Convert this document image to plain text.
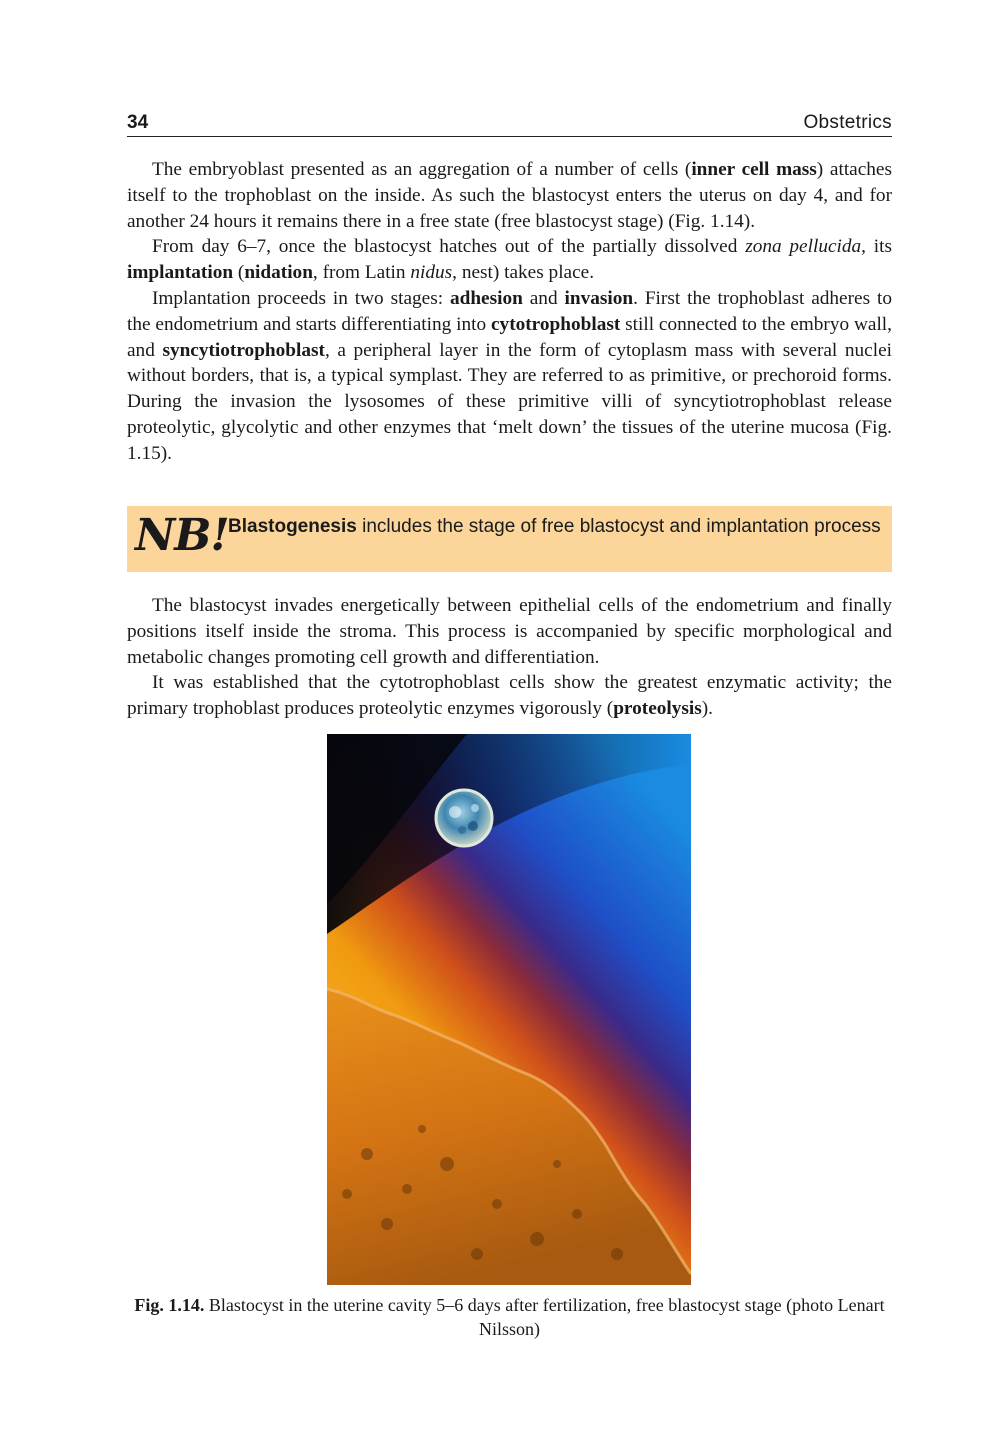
34	Obstetrics

The embryoblast presented as an aggregation of a number of cells (inner cell mass) attaches itself to the trophoblast on the inside. As such the blastocyst enters the uterus on day 4, and for another 24 hours it remains there in a free state (free blastocyst stage) (Fig. 1.14).

From day 6–7, once the blastocyst hatches out of the partially dissolved zona pellucida, its implantation (nidation, from Latin nidus, nest) takes place.

Implantation proceeds in two stages: adhesion and invasion. First the trophoblast adheres to the endometrium and starts differentiating into cytotrophoblast still connected to the embryo wall, and syncytiotrophoblast, a peripheral layer in the form of cytoplasm mass with several nuclei without borders, that is, a typical symplast. They are referred to as primitive, or prechoroid forms. During the invasion the lysosomes of these primitive villi of syncytiotrophoblast release proteolytic, glycolytic and other enzymes that ‘melt down’ the tissues of the uterine mucosa (Fig. 1.15).

NB! Blastogenesis includes the stage of free blastocyst and implantation process

The blastocyst invades energetically between epithelial cells of the endometrium and finally positions itself inside the stroma. This process is accompanied by specific morphological and metabolic changes promoting cell growth and differentiation.

It was established that the cytotrophoblast cells show the greatest enzymatic activity; the primary trophoblast produces proteolytic enzymes vigorously (proteolysis).

Fig. 1.14. Blastocyst in the uterine cavity 5–6 days after fertilization, free blastocyst stage (photo Lenart Nilsson)
